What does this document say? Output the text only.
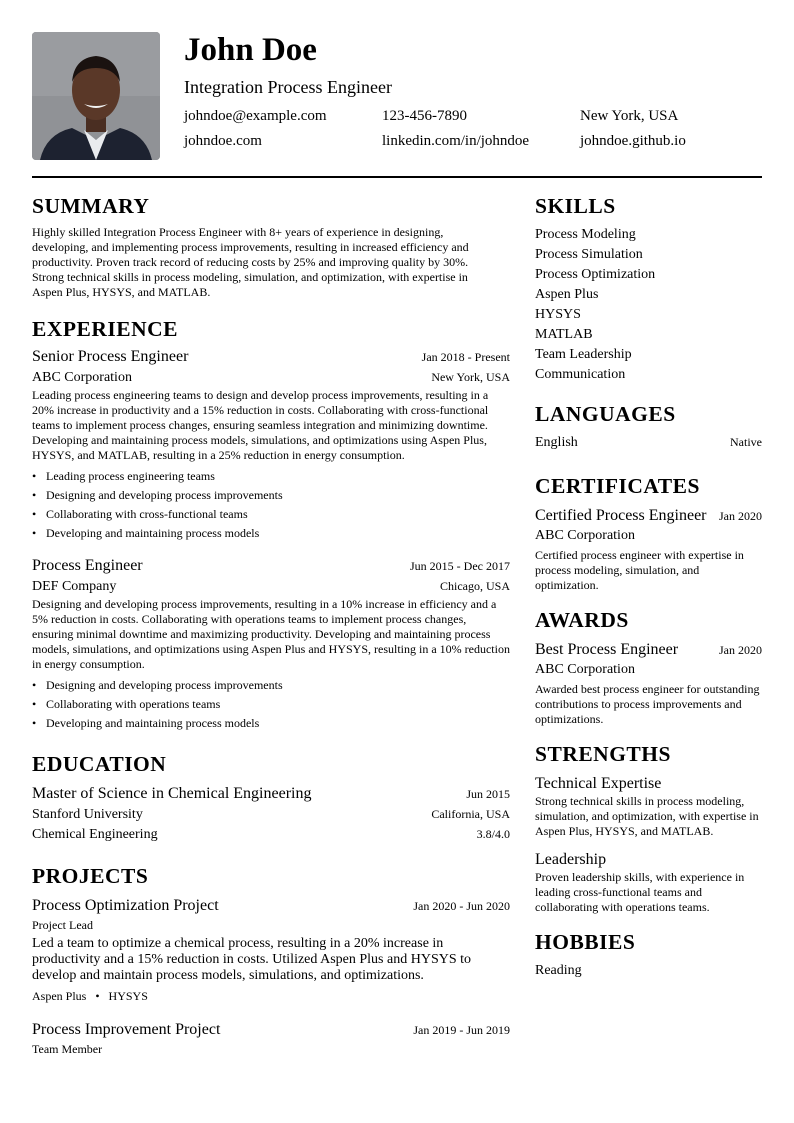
John Doe
Integration Process Engineer
johndoe@example.com	123-456-7890	New York, USA
johndoe.com	linkedin.com/in/johndoe	johndoe.github.io
SUMMARY

Highly skilled Integration Process Engineer with 8+ years of experience in designing, developing, and implementing process improvements, resulting in increased efficiency and productivity. Proven track record of reducing costs by 25% and improving quality by 30%. Strong technical skills in process modeling, simulation, and optimization, with expertise in Aspen Plus, HYSYS, and MATLAB.

EXPERIENCE
Senior Process Engineer	Jan 2018 - Present
ABC Corporation	New York, USA

Leading process engineering teams to design and develop process improvements, resulting in a 20% increase in productivity and a 15% reduction in costs. Collaborating with cross-functional teams to implement process changes, ensuring seamless integration and minimizing downtime. Developing and maintaining process models, simulations, and optimizations using Aspen Plus, HYSYS, and MATLAB, resulting in a 25% reduction in energy consumption.

• Leading process engineering teams
• Designing and developing process improvements
• Collaborating with cross-functional teams
• Developing and maintaining process models
Process Engineer	Jun 2015 - Dec 2017
DEF Company	Chicago, USA

Designing and developing process improvements, resulting in a 10% increase in efficiency and a 5% reduction in costs. Collaborating with operations teams to implement process changes, ensuring minimal downtime and maximizing productivity. Developing and maintaining process models, simulations, and optimizations using Aspen Plus and HYSYS, resulting in a 10% reduction in energy consumption.

• Designing and developing process improvements
• Collaborating with operations teams
• Developing and maintaining process models
EDUCATION
Master of Science in Chemical Engineering	Jun 2015
Stanford University	California, USA
Chemical Engineering	3.8/4.0
PROJECTS
Process Optimization Project	Jan 2020 - Jun 2020
Project Lead

Led a team to optimize a chemical process, resulting in a 20% increase in productivity and a 15% reduction in costs. Utilized Aspen Plus and HYSYS to develop and maintain process models, simulations, and optimizations.

Aspen Plus • HYSYS
Process Improvement Project	Jan 2019 - Jun 2019
Team Member
SKILLS
Process Modeling
Process Simulation
Process Optimization
Aspen Plus
HYSYS
MATLAB
Team Leadership
Communication
LANGUAGES
English	Native
CERTIFICATES
Certified Process Engineer Jan 2020
ABC Corporation

Certified process engineer with expertise in process modeling, simulation, and optimization.

AWARDS
Best Process Engineer	Jan 2020
ABC Corporation

Awarded best process engineer for outstanding contributions to process improvements and optimizations.

STRENGTHS
Technical Expertise

Strong technical skills in process modeling, simulation, and optimization, with expertise in Aspen Plus, HYSYS, and MATLAB.

Leadership

Proven leadership skills, with experience in leading cross-functional teams and collaborating with operations teams.

HOBBIES
Reading
